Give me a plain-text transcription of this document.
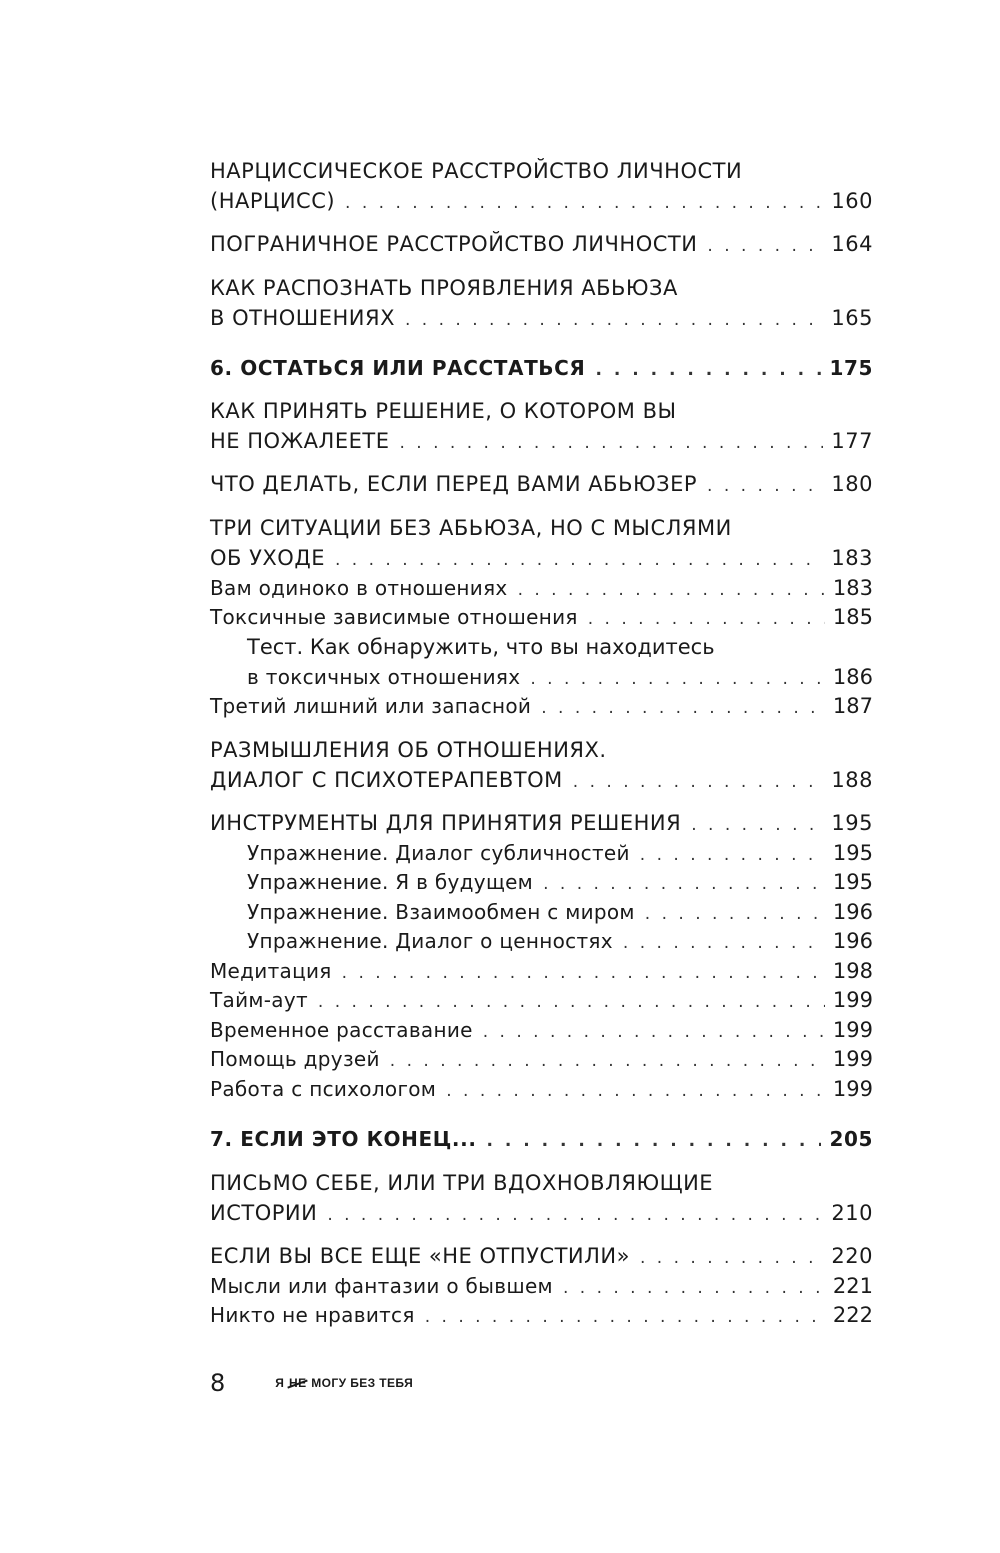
НАРЦИССИЧЕСКОЕ РАССТРОЙСТВО ЛИЧНОСТИ
(НАРЦИСС) . . .	160
ПОГРАНИЧНОЕ РАССТРОЙСТВО ЛИЧНОСТИ . . .	164
КАК РАСПОЗНАТЬ ПРОЯВЛЕНИЯ АБЬЮЗА
В ОТНОШЕНИЯХ . . .	165
6. ОСТАТЬСЯ ИЛИ РАССТАТЬСЯ . . .	175
КАК ПРИНЯТЬ РЕШЕНИЕ, О КОТОРОМ ВЫ
НЕ ПОЖАЛЕЕТЕ . . .	177
ЧТО ДЕЛАТЬ, ЕСЛИ ПЕРЕД ВАМИ АБЬЮЗЕР . . .	180
ТРИ СИТУАЦИИ БЕЗ АБЬЮЗА, НО С МЫСЛЯМИ
ОБ УХОДЕ . . .	183
Вам одиноко в отношениях . . .	183
Токсичные зависимые отношения . . .	185
Тест. Как обнаружить, что вы находитесь
в токсичных отношениях . . .	186
Третий лишний или запасной . . .	187
РАЗМЫШЛЕНИЯ ОБ ОТНОШЕНИЯХ.
ДИАЛОГ С ПСИХОТЕРАПЕВТОМ . . .	188
ИНСТРУМЕНТЫ ДЛЯ ПРИНЯТИЯ РЕШЕНИЯ . . .	195
Упражнение. Диалог субличностей . . .	195
Упражнение. Я в будущем . . .	195
Упражнение. Взаимообмен с миром . . .	196
Упражнение. Диалог о ценностях . . .	196
Медитация . . .	198
Тайм-аут . . .	199
Временное расставание . . .	199
Помощь друзей . . .	199
Работа с психологом . . .	199
7. ЕСЛИ ЭТО КОНЕЦ... . . .	205
ПИСЬМО СЕБЕ, ИЛИ ТРИ ВДОХНОВЛЯЮЩИЕ
ИСТОРИИ . . .	210
ЕСЛИ ВЫ ВСЕ ЕЩЕ «НЕ ОТПУСТИЛИ» . . .	220
Мысли или фантазии о бывшем . . .	221
Никто не нравится . . .	222
8	Я НЕ МОГУ БЕЗ ТЕБЯ
